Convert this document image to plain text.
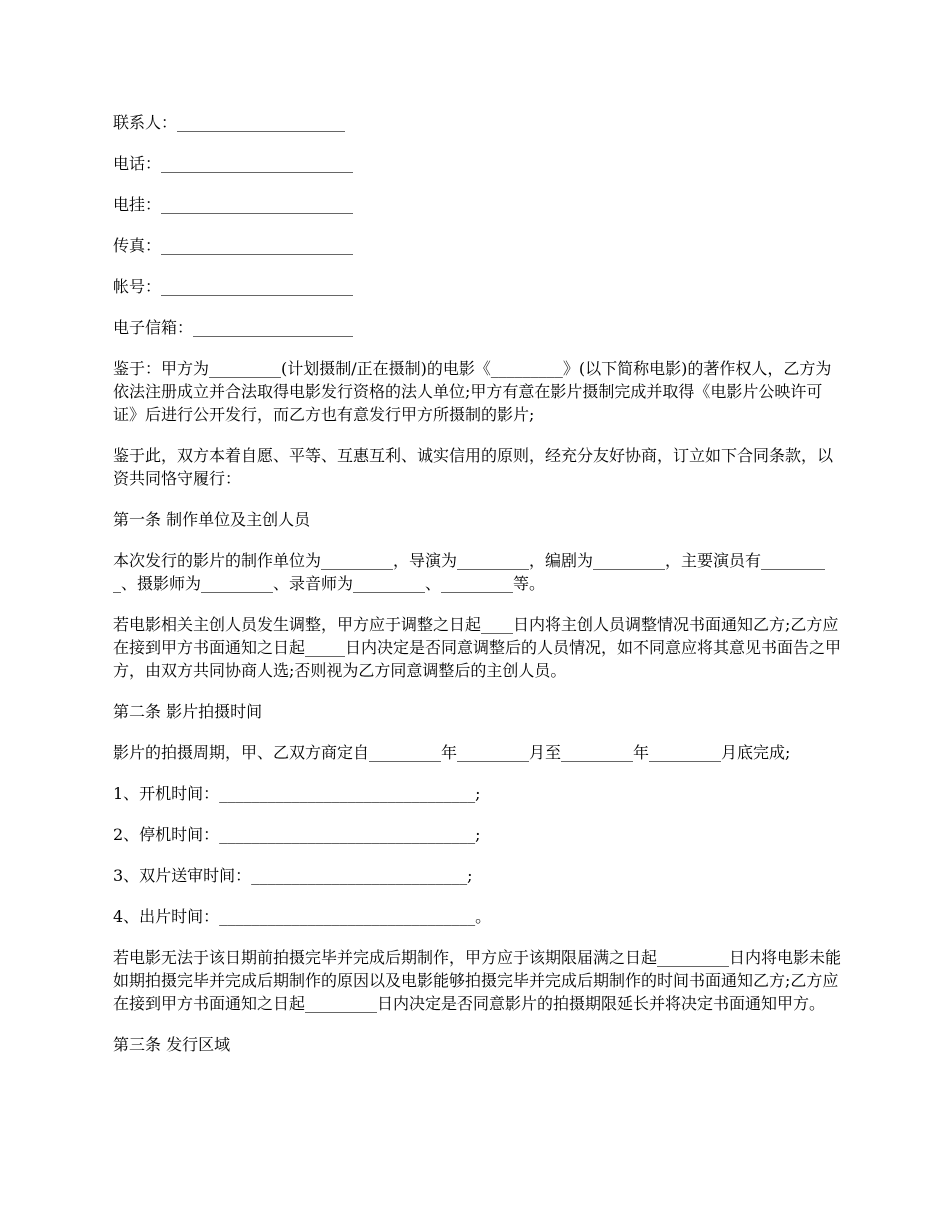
联系人：_____________________

电话：________________________

电挂：________________________

传真：________________________

帐号：________________________

电子信箱：____________________

鉴于：甲方为_________(计划摄制/正在摄制)的电影《_________》(以下简称电影)的著作权人，乙方为依法注册成立并合法取得电影发行资格的法人单位;甲方有意在影片摄制完成并取得《电影片公映许可证》后进行公开发行，而乙方也有意发行甲方所摄制的影片;

鉴于此，双方本着自愿、平等、互惠互利、诚实信用的原则，经充分友好协商，订立如下合同条款，以资共同恪守履行：

第一条 制作单位及主创人员

本次发行的影片的制作单位为_________，导演为_________，编剧为_________，主要演员有_________、摄影师为_________、录音师为_________、_________等。

若电影相关主创人员发生调整，甲方应于调整之日起____日内将主创人员调整情况书面通知乙方;乙方应在接到甲方书面通知之日起_____日内决定是否同意调整后的人员情况，如不同意应将其意见书面告之甲方，由双方共同协商人选;否则视为乙方同意调整后的主创人员。

第二条 影片拍摄时间

影片的拍摄周期，甲、乙双方商定自_________年_________月至_________年_________月底完成;

1、开机时间：________________________________;

2、停机时间：________________________________;

3、双片送审时间：___________________________;

4、出片时间：________________________________。

若电影无法于该日期前拍摄完毕并完成后期制作，甲方应于该期限届满之日起_________日内将电影未能如期拍摄完毕并完成后期制作的原因以及电影能够拍摄完毕并完成后期制作的时间书面通知乙方;乙方应在接到甲方书面通知之日起_________日内决定是否同意影片的拍摄期限延长并将决定书面通知甲方。

第三条 发行区域
